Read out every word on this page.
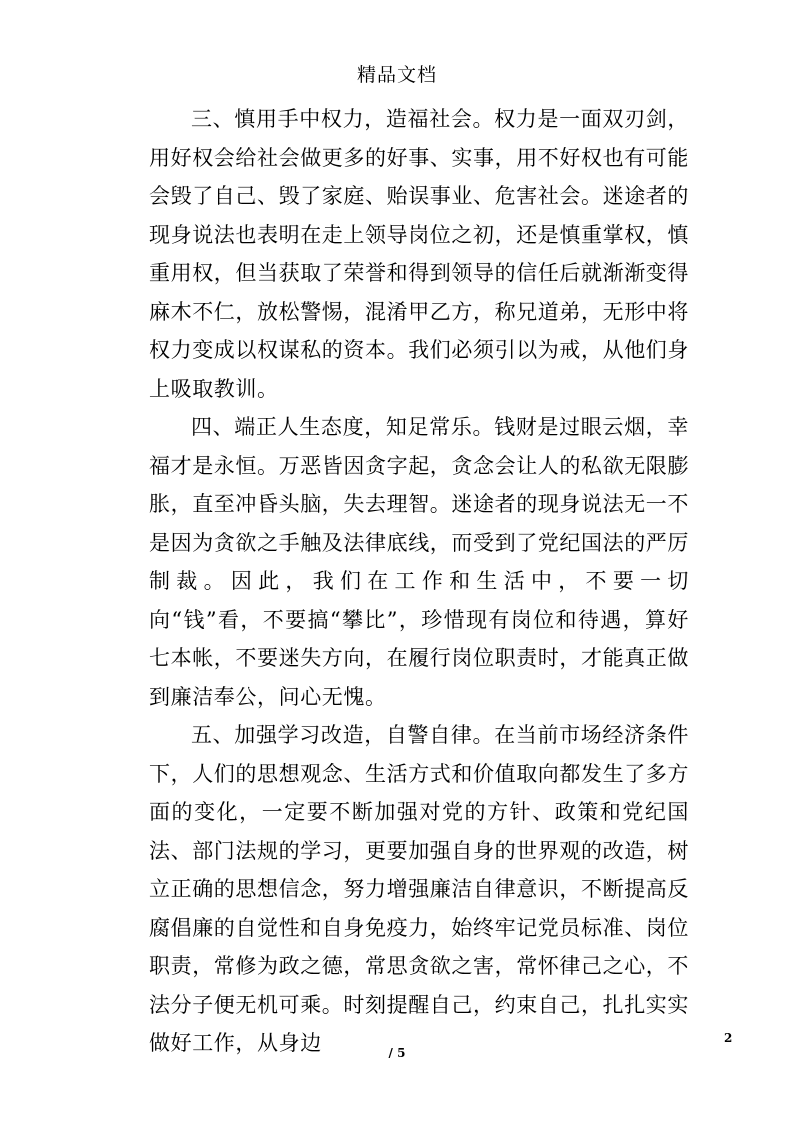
精品文档

三、慎用手中权力，造福社会。权力是一面双刃剑，用好权会给社会做更多的好事、实事，用不好权也有可能会毁了自己、毁了家庭、贻误事业、危害社会。迷途者的现身说法也表明在走上领导岗位之初，还是慎重掌权，慎重用权，但当获取了荣誉和得到领导的信任后就渐渐变得麻木不仁，放松警惕，混淆甲乙方，称兄道弟，无形中将权力变成以权谋私的资本。我们必须引以为戒，从他们身上吸取教训。

四、端正人生态度，知足常乐。钱财是过眼云烟，幸福才是永恒。万恶皆因贪字起，贪念会让人的私欲无限膨胀，直至冲昏头脑，失去理智。迷途者的现身说法无一不是因为贪欲之手触及法律底线，而受到了党纪国法的严厉制裁。因此，我们在工作和生活中，不要一切向“钱”看，不要搞“攀比”，珍惜现有岗位和待遇，算好七本帐，不要迷失方向，在履行岗位职责时，才能真正做到廉洁奉公，问心无愧。

五、加强学习改造，自警自律。在当前市场经济条件下，人们的思想观念、生活方式和价值取向都发生了多方面的变化，一定要不断加强对党的方针、政策和党纪国法、部门法规的学习，更要加强自身的世界观的改造，树立正确的思想信念，努力增强廉洁自律意识，不断提高反腐倡廉的自觉性和自身免疫力，始终牢记党员标准、岗位职责，常修为政之德，常思贪欲之害，常怀律己之心，不法分子便无机可乘。时刻提醒自己，约束自己，扎扎实实做好工作，从身边	2
/ 5
